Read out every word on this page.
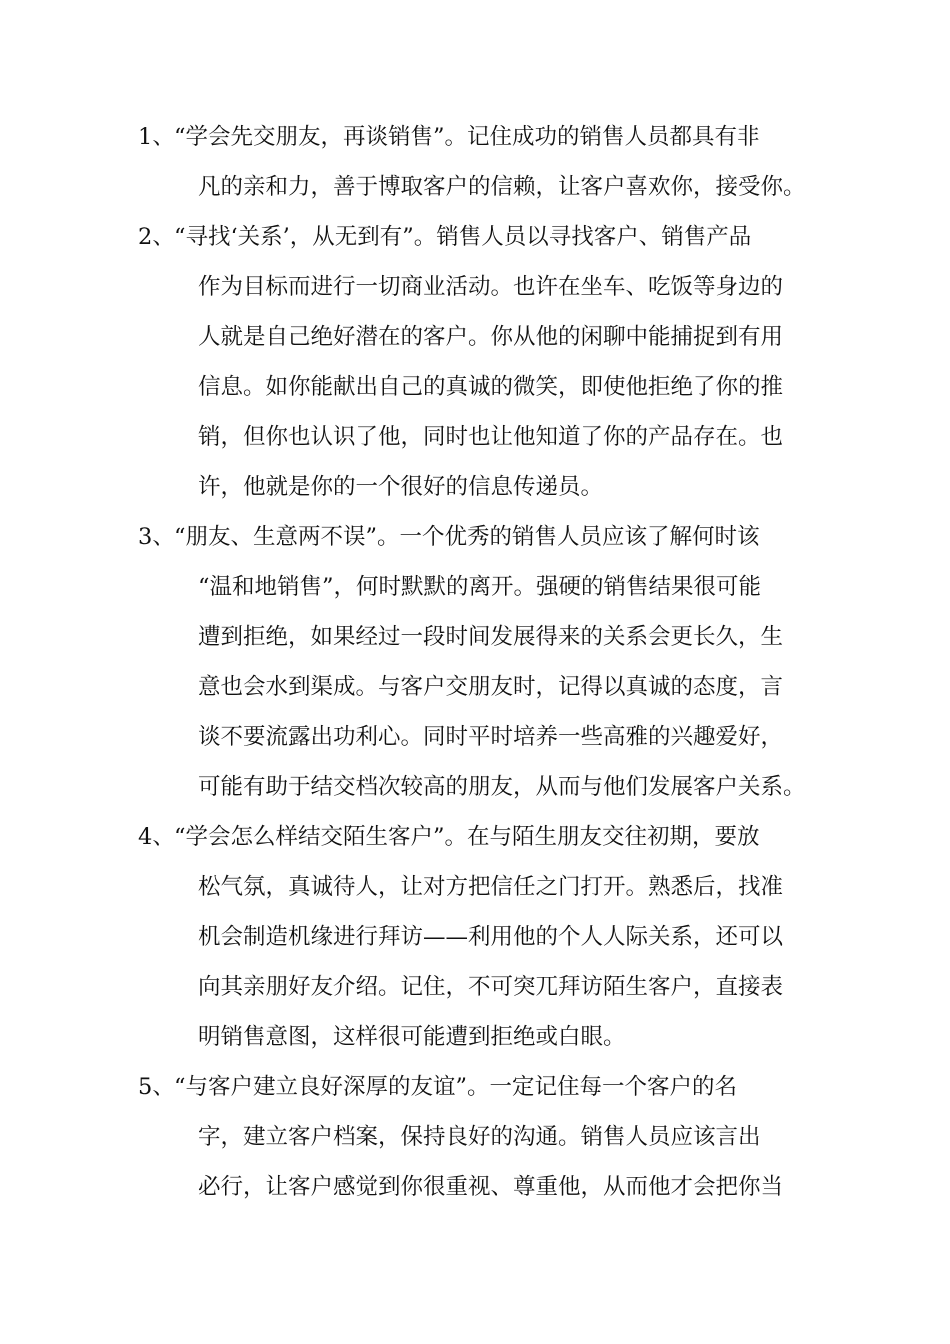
1、“学会先交朋友，再谈销售”。记住成功的销售人员都具有非
凡的亲和力，善于博取客户的信赖，让客户喜欢你，接受你。
2、“寻找‘关系’，从无到有”。销售人员以寻找客户、销售产品
作为目标而进行一切商业活动。也许在坐车、吃饭等身边的
人就是自己绝好潜在的客户。你从他的闲聊中能捕捉到有用
信息。如你能献出自己的真诚的微笑，即使他拒绝了你的推
销，但你也认识了他，同时也让他知道了你的产品存在。也
许，他就是你的一个很好的信息传递员。
3、“朋友、生意两不误”。一个优秀的销售人员应该了解何时该
“温和地销售”，何时默默的离开。强硬的销售结果很可能
遭到拒绝，如果经过一段时间发展得来的关系会更长久，生
意也会水到渠成。与客户交朋友时，记得以真诚的态度，言
谈不要流露出功利心。同时平时培养一些高雅的兴趣爱好，
可能有助于结交档次较高的朋友，从而与他们发展客户关系。
4、“学会怎么样结交陌生客户”。在与陌生朋友交往初期，要放
松气氛，真诚待人，让对方把信任之门打开。熟悉后，找准
机会制造机缘进行拜访——利用他的个人人际关系，还可以
向其亲朋好友介绍。记住，不可突兀拜访陌生客户，直接表
明销售意图，这样很可能遭到拒绝或白眼。
5、“与客户建立良好深厚的友谊”。一定记住每一个客户的名
字，建立客户档案，保持良好的沟通。销售人员应该言出
必行，让客户感觉到你很重视、尊重他，从而他才会把你当
